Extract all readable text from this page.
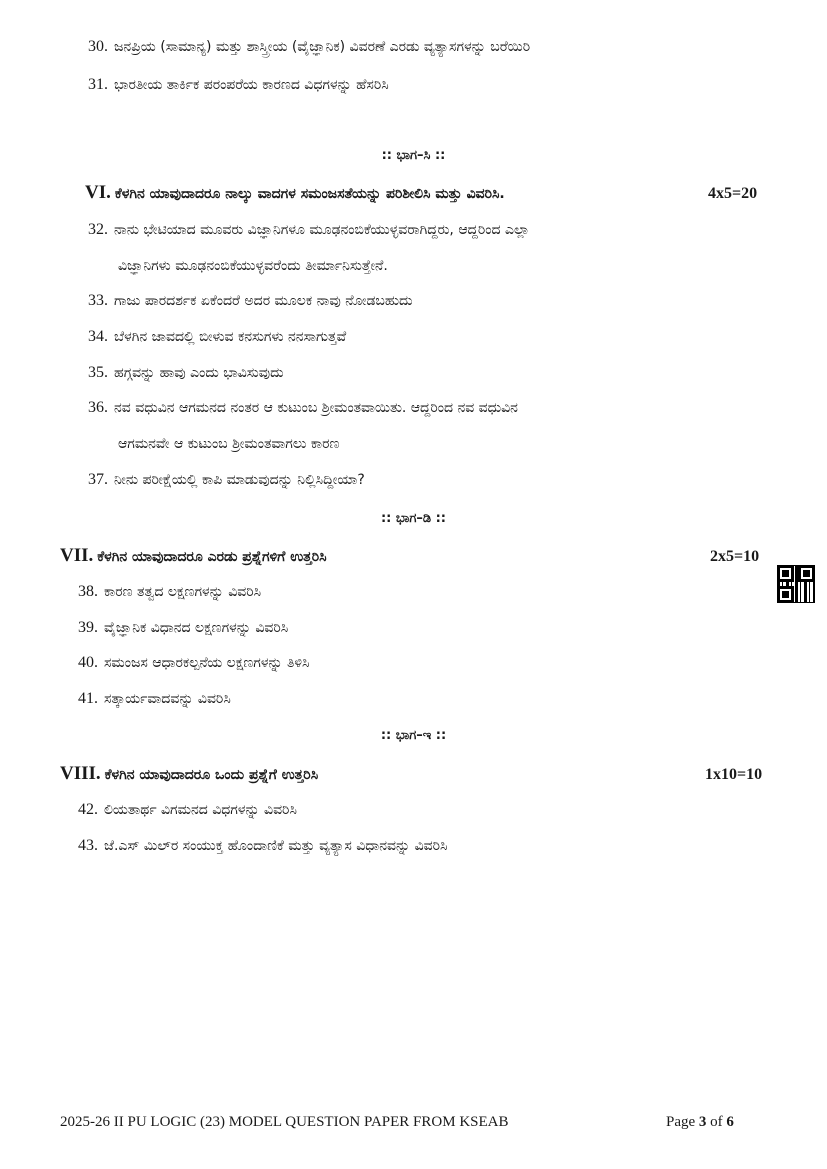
30. ಜನಪ್ರಿಯ (ಸಾಮಾನ್ಯ) ಮತ್ತು ಶಾಸ್ತ್ರೀಯ (ವೈಜ್ಞಾನಿಕ) ವಿವರಣೆ ಎರಡು ವ್ಯತ್ಯಾಸಗಳನ್ನು ಬರೆಯಿರಿ
31. ಭಾರತೀಯ ತಾರ್ಕಿಕ ಪರಂಪರೆಯ ಕಾರಣದ ವಿಧಗಳನ್ನು ಹೆಸರಿಸಿ
:: ಭಾಗ–ಸಿ ::
VI. ಕೆಳಗಿನ ಯಾವುದಾದರೂ ನಾಲ್ಕು ವಾದಗಳ ಸಮಂಜಸತೆಯನ್ನು ಪರಿಶೀಲಿಸಿ ಮತ್ತು ವಿವರಿಸಿ.	4x5=20
32. ನಾನು ಭೇಟಿಯಾದ ಮೂವರು ವಿಜ್ಞಾನಿಗಳೂ ಮೂಢನಂಬಿಕೆಯುಳ್ಳವರಾಗಿದ್ದರು, ಆದ್ದರಿಂದ ಎಲ್ಲಾ
ವಿಜ್ಞಾನಿಗಳು ಮೂಢನಂಬಿಕೆಯುಳ್ಳವರೆಂದು ತೀರ್ಮಾನಿಸುತ್ತೇನೆ.
33. ಗಾಜು ಪಾರದರ್ಶಕ ಏಕೆಂದರೆ ಅದರ ಮೂಲಕ ನಾವು ನೋಡಬಹುದು
34. ಬೆಳಗಿನ ಜಾವದಲ್ಲಿ ಬೀಳುವ ಕನಸುಗಳು ನನಸಾಗುತ್ತವೆ
35. ಹಗ್ಗವನ್ನು ಹಾವು ಎಂದು ಭಾವಿಸುವುದು
36. ನವ ವಧುವಿನ ಆಗಮನದ ನಂತರ ಆ ಕುಟುಂಬ ಶ್ರೀಮಂತವಾಯಿತು. ಆದ್ದರಿಂದ ನವ ವಧುವಿನ
ಆಗಮನವೇ ಆ ಕುಟುಂಬ ಶ್ರೀಮಂತವಾಗಲು ಕಾರಣ
37. ನೀನು ಪರೀಕ್ಷೆಯಲ್ಲಿ ಕಾಪಿ ಮಾಡುವುದನ್ನು ನಿಲ್ಲಿಸಿದ್ದೀಯಾ?
:: ಭಾಗ–ಡಿ ::
VII. ಕೆಳಗಿನ ಯಾವುದಾದರೂ ಎರಡು ಪ್ರಶ್ನೆಗಳಿಗೆ ಉತ್ತರಿಸಿ	2x5=10
38. ಕಾರಣ ತತ್ವದ ಲಕ್ಷಣಗಳನ್ನು ವಿವರಿಸಿ
39. ವೈಜ್ಞಾನಿಕ ವಿಧಾನದ ಲಕ್ಷಣಗಳನ್ನು ವಿವರಿಸಿ
40. ಸಮಂಜಸ ಆಧಾರಕಲ್ಪನೆಯ ಲಕ್ಷಣಗಳನ್ನು ತಿಳಿಸಿ
41. ಸತ್ಕಾರ್ಯವಾದವನ್ನು ವಿವರಿಸಿ
:: ಭಾಗ–ಇ ::
VIII. ಕೆಳಗಿನ ಯಾವುದಾದರೂ ಒಂದು ಪ್ರಶ್ನೆಗೆ ಉತ್ತರಿಸಿ	1x10=10
42. ಲಿಯತಾರ್ಥ ವಿಗಮನದ ವಿಧಗಳನ್ನು ವಿವರಿಸಿ
43. ಜೆ.ಎಸ್ ಮಿಲ್‌ರ ಸಂಯುಕ್ತ ಹೊಂದಾಣಿಕೆ ಮತ್ತು ವ್ಯತ್ಯಾಸ ವಿಧಾನವನ್ನು ವಿವರಿಸಿ
2025-26 II PU LOGIC (23) MODEL QUESTION PAPER FROM KSEAB	Page 3 of 6
